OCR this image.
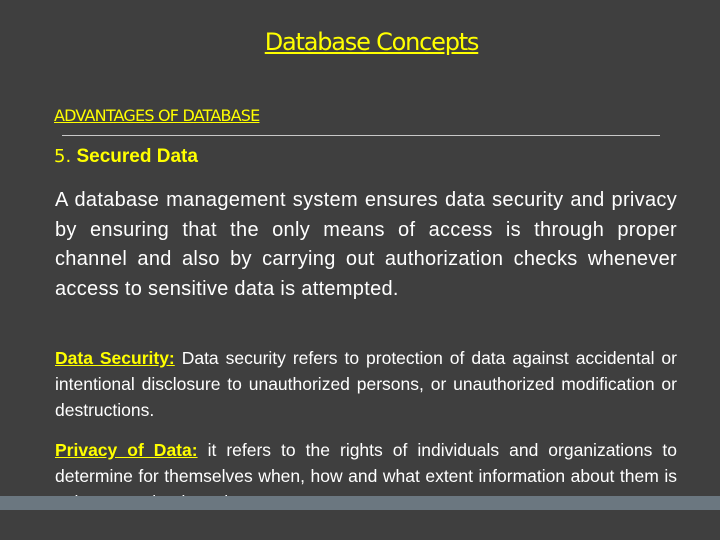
Database Concepts
ADVANTAGES OF DATABASE
5. Secured Data
A database management system ensures data security and privacy by ensuring that the only means of access is through proper channel and also by carrying out authorization checks whenever access to sensitive data is attempted.
Data Security: Data security refers to protection of data against accidental or intentional disclosure to unauthorized persons, or unauthorized modification or destructions.
Privacy of Data: it refers to the rights of individuals and organizations to determine for themselves when, how and what extent information about them is
